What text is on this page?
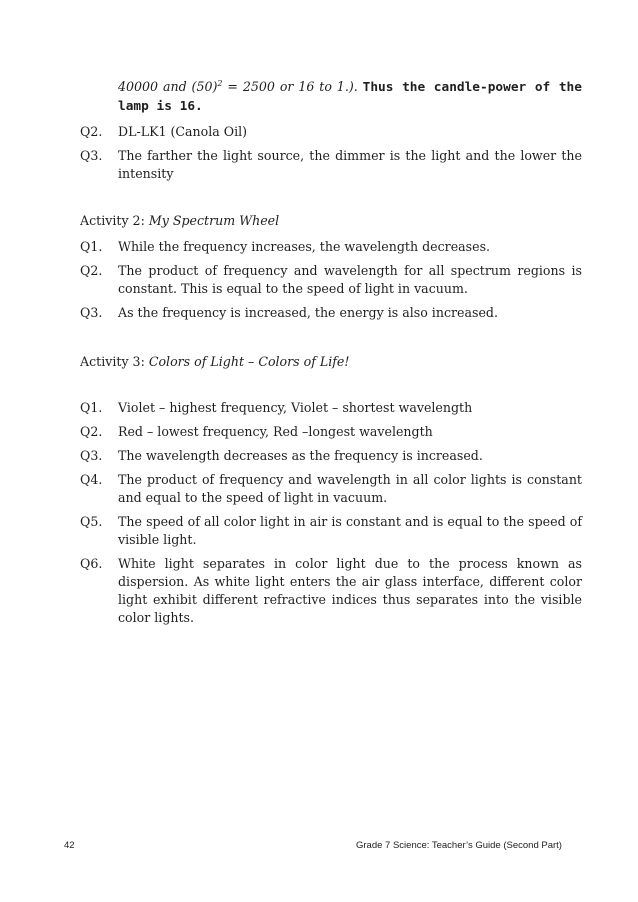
40000 and $(50)^2 = 2500$ or 16 to 1.). Thus the candle-power of the lamp is 16.
Q2.	DL-LK1 (Canola Oil)
Q3.	The farther the light source, the dimmer is the light and the lower the intensity
Activity 2: My Spectrum Wheel
Q1.	While the frequency increases, the wavelength decreases.
Q2.	The product of frequency and wavelength for all spectrum regions is constant. This is equal to the speed of light in vacuum.
Q3.	As the frequency is increased, the energy is also increased.
Activity 3: Colors of Light – Colors of Life!
Q1.	Violet – highest frequency, Violet – shortest wavelength
Q2.	Red – lowest frequency, Red –longest wavelength
Q3.	The wavelength decreases as the frequency is increased.
Q4.	The product of frequency and wavelength in all color lights is constant and equal to the speed of light in vacuum.
Q5.	The speed of all color light in air is constant and is equal to the speed of visible light.
Q6.	White light separates in color light due to the process known as dispersion. As white light enters the air glass interface, different color light exhibit different refractive indices thus separates into the visible color lights.
42	Grade 7 Science: Teacher’s Guide (Second Part)
